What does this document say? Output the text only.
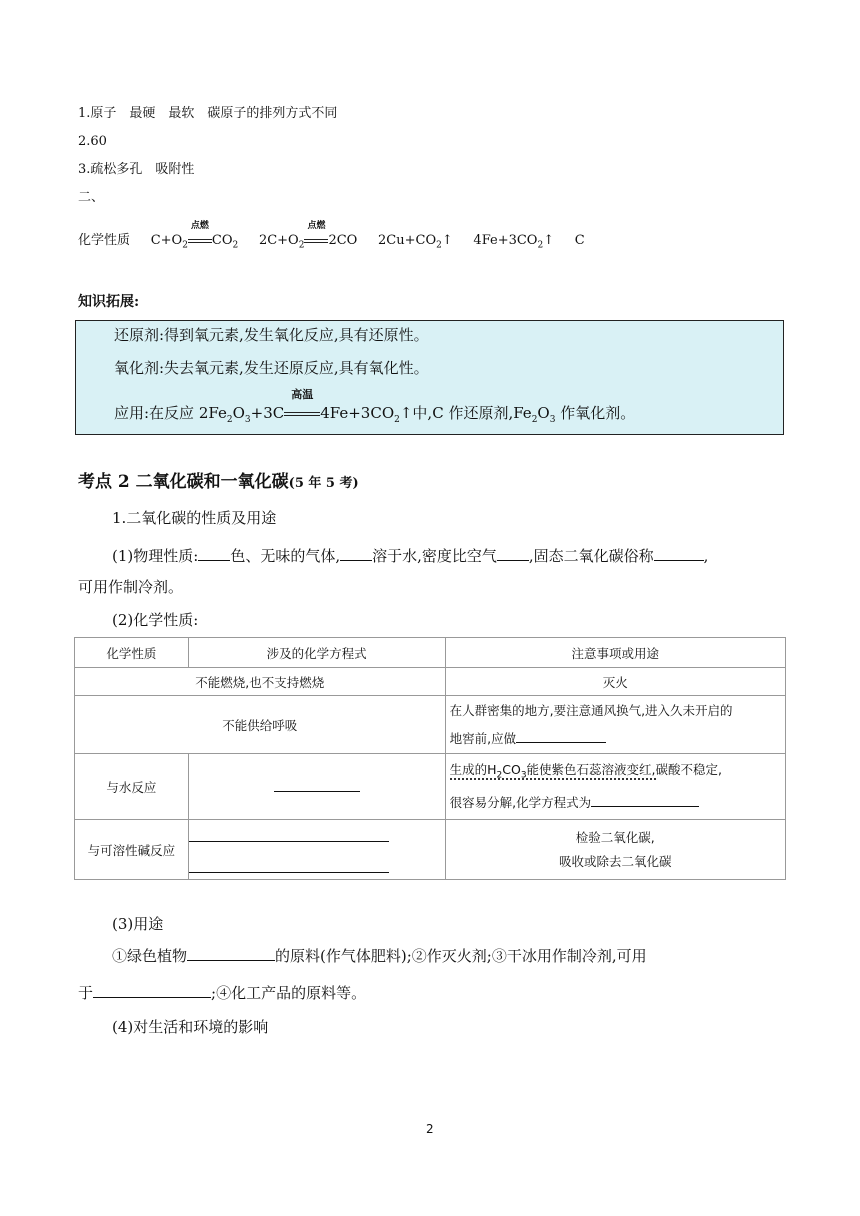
1.原子　最硬　最软　碳原子的排列方式不同
2.60
3.疏松多孔　吸附性
二、
化学性质 $C+O_2$
点燃
$CO_2$ $2C+O_2$
点燃
2CO $2Cu+CO_2↑$ $4Fe+3CO_2↑$ C
知识拓展:

还原剂:得到氧元素,发生氧化反应,具有还原性。

氧化剂:失去氧元素,发生还原反应,具有氧化性。

应用:在反应 $2Fe_2O_3+3C$
高温
$4Fe+3CO_2↑$中,C 作还原剂$,Fe_2O_3$ 作氧化剂。

考点 2 二氧化碳和一氧化碳(5 年 5 考)
1.二氧化碳的性质及用途
(1)物理性质: 色、无味的气体, 溶于水,密度比空气 ,固态二氧化碳俗称	,
可用作制冷剂。
(2)化学性质:
化学性质	涉及的化学方程式	注意事项或用途
不能燃烧,也不支持燃烧		灭火
不能供给呼吸		在人群密集的地方,要注意通风换气,进入久未开启的
地窖前,应做
与水反应		生成的$H_2CO_3$能使紫色石蕊溶液变红,碳酸不稳定,
很容易分解,化学方程式为
与可溶性碱反应		检验二氧化碳,
吸收或除去二氧化碳
(3)用途
①绿色植物	的原料(作气体肥料);②作灭火剂;③干冰用作制冷剂,可用
于	;④化工产品的原料等。
(4)对生活和环境的影响
2
